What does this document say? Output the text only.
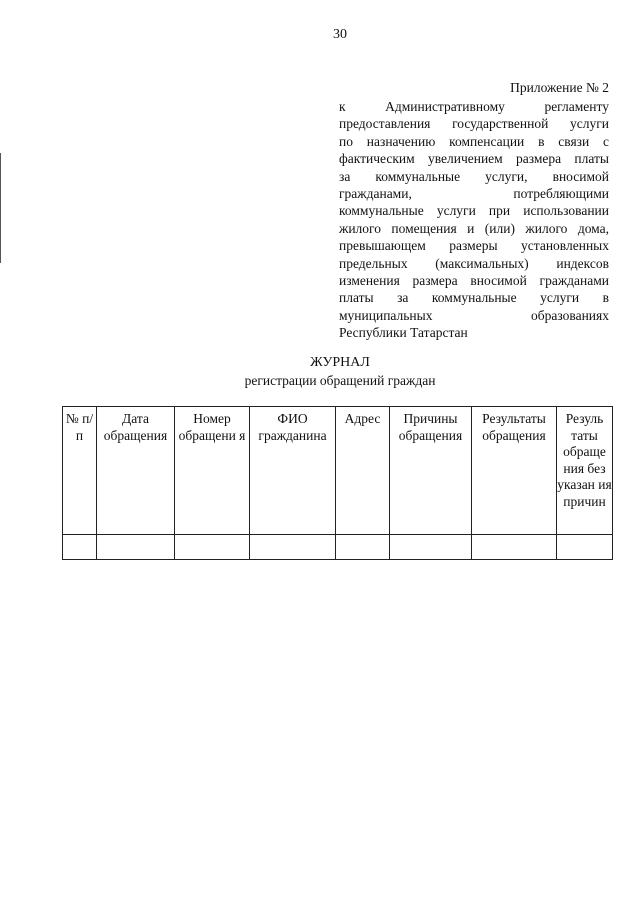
30
Приложение № 2
к Административному регламенту
предоставления государственной услуги
по назначению компенсации в связи с
фактическим увеличением размера платы
за коммунальные услуги, вносимой
гражданами, потребляющими
коммунальные услуги при использовании
жилого помещения и (или) жилого дома,
превышающем размеры установленных
предельных (максимальных) индексов
изменения размера вносимой гражданами
платы за коммунальные услуги в
муниципальных образованиях
Республики Татарстан
ЖУРНАЛ
регистрации обращений граждан
№ п/п	Дата обращения	Номер обращени я	ФИО гражданина	Адрес	Причины обращения	Результаты обращения	Резуль таты обраще ния без указан ия причин
